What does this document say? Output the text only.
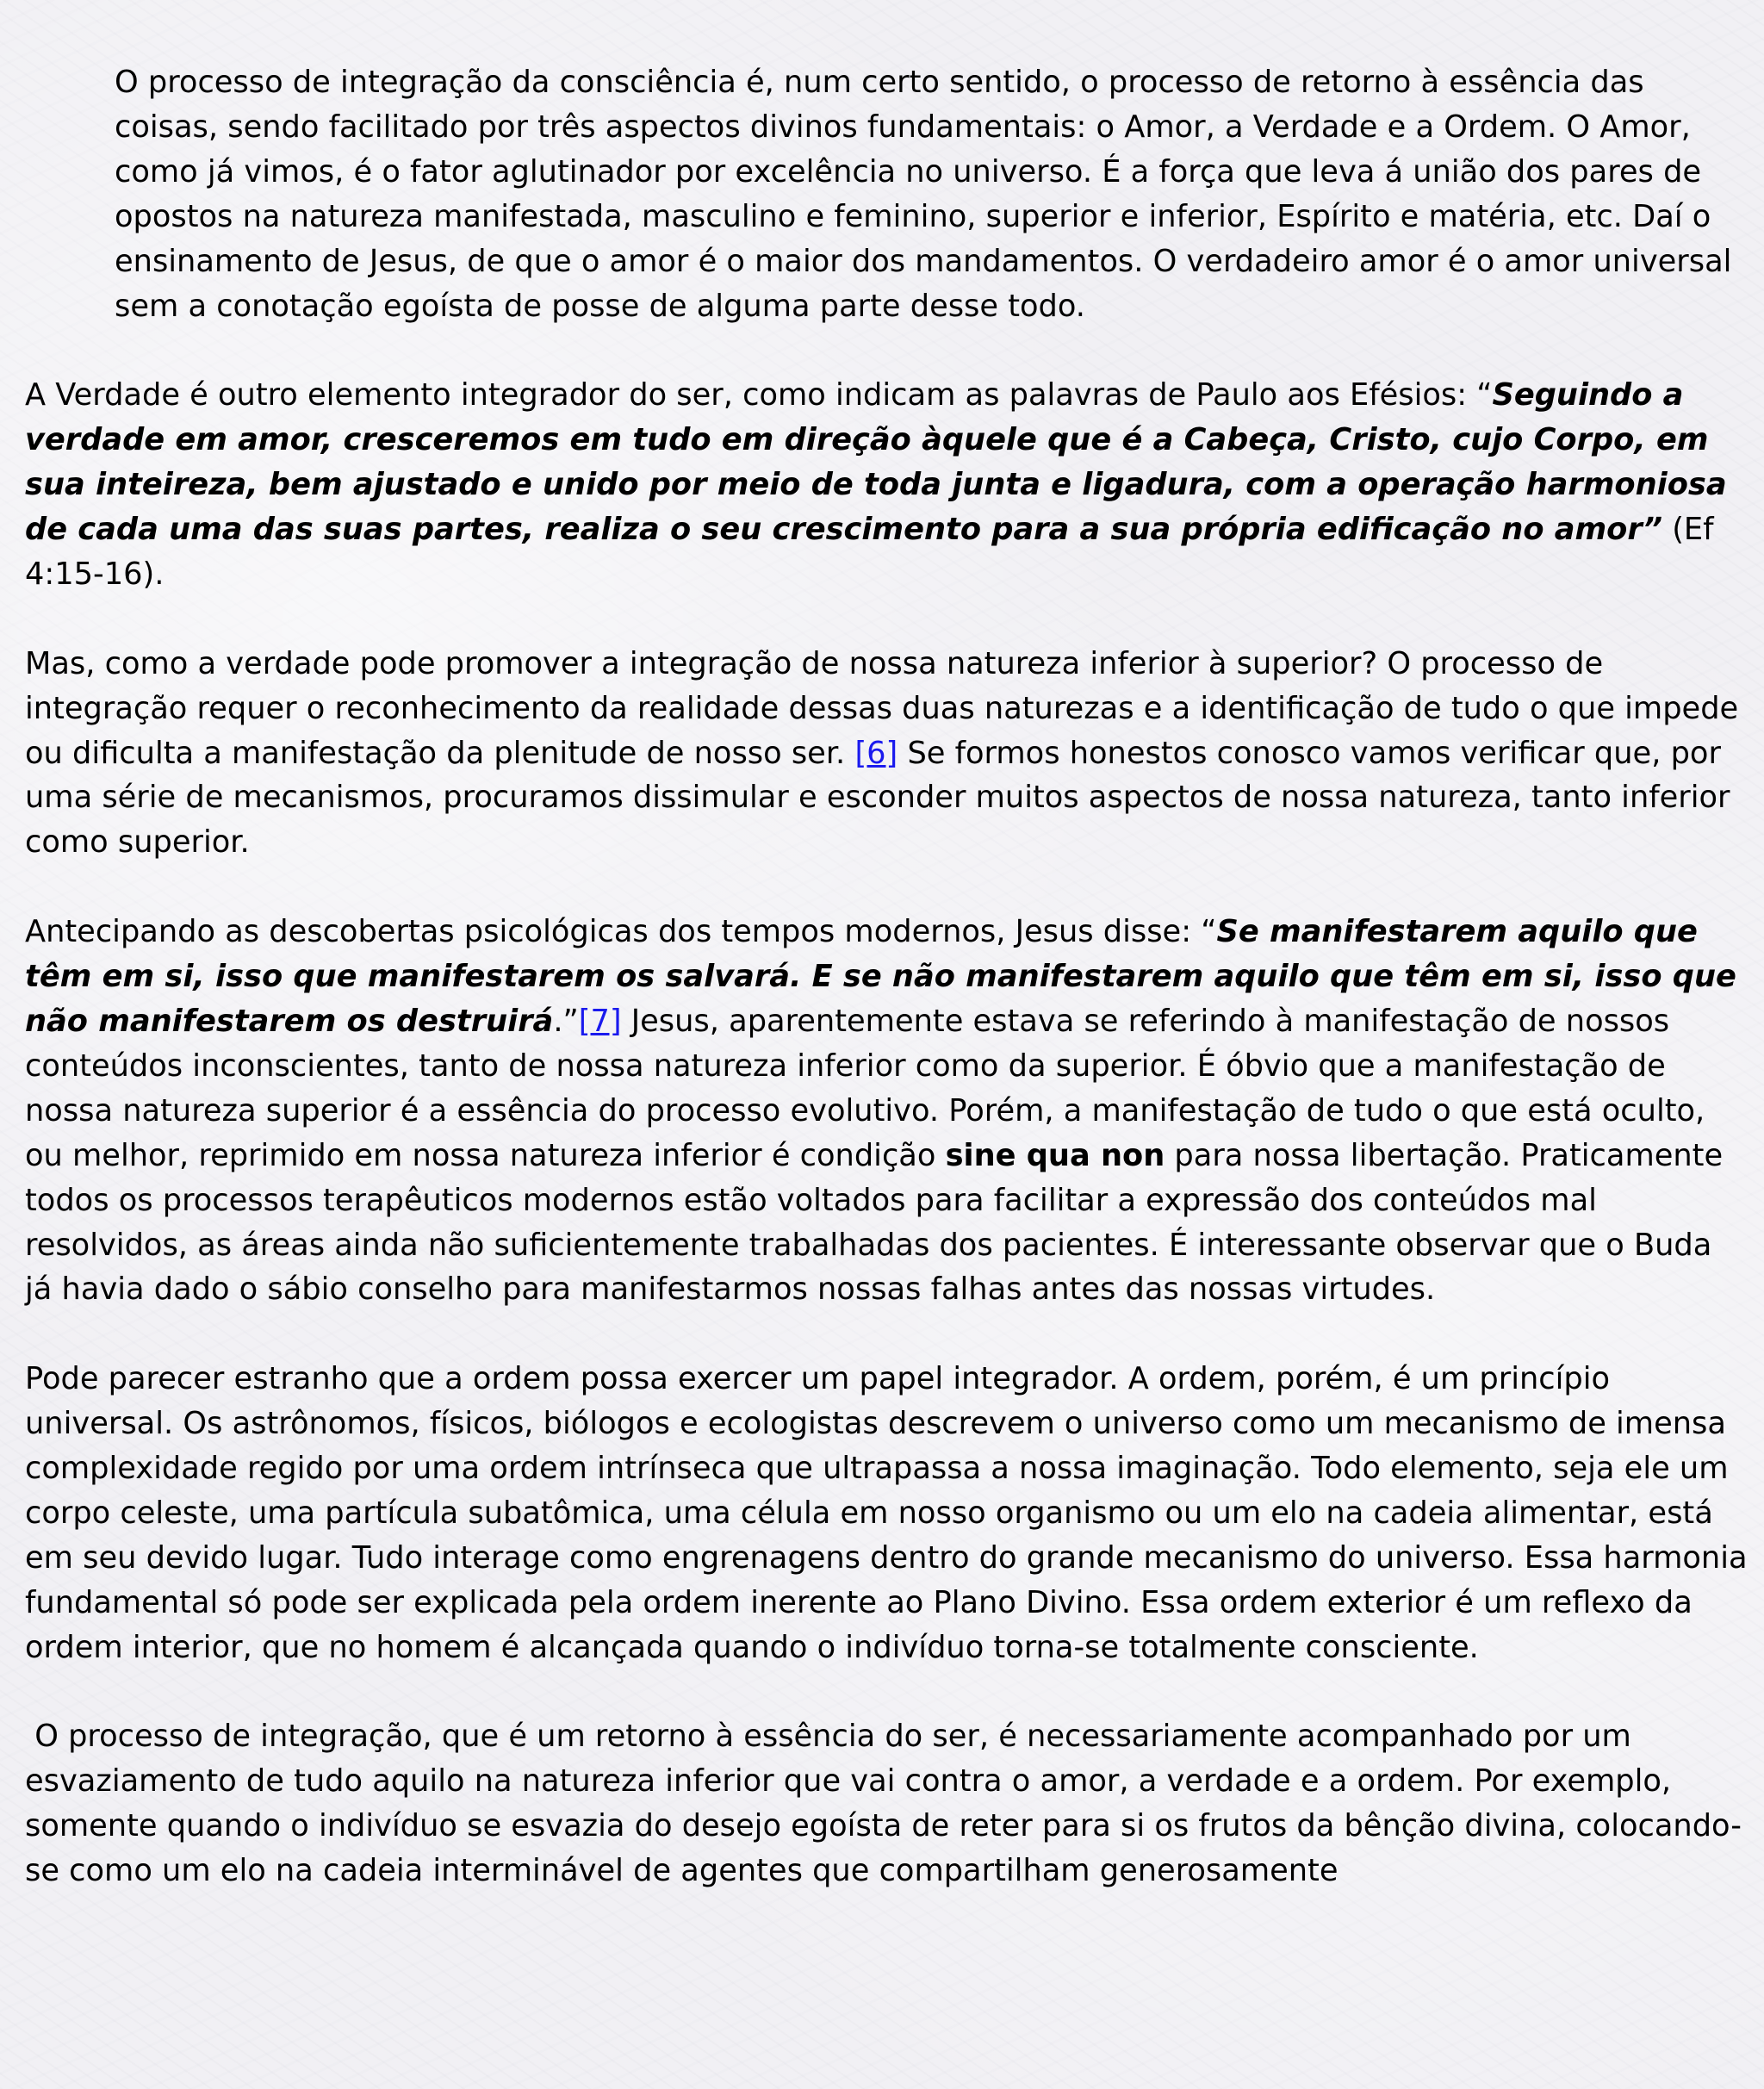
O processo de integração da consciência é, num certo sentido, o processo de retorno à essência das coisas, sendo facilitado por três aspectos divinos fundamentais: o Amor, a Verdade e a Ordem. O Amor, como já vimos, é o fator aglutinador por excelência no universo. É a força que leva á união dos pares de opostos na natureza manifestada, masculino e feminino, superior e inferior, Espírito e matéria, etc. Daí o ensinamento de Jesus, de que o amor é o maior dos mandamentos. O verdadeiro amor é o amor universal sem a conotação egoísta de posse de alguma parte desse todo.

A Verdade é outro elemento integrador do ser, como indicam as palavras de Paulo aos Efésios: “Seguindo a verdade em amor, cresceremos em tudo em direção àquele que é a Cabeça, Cristo, cujo Corpo, em sua inteireza, bem ajustado e unido por meio de toda junta e ligadura, com a operação harmoniosa de cada uma das suas partes, realiza o seu crescimento para a sua própria edificação no amor” (Ef 4:15-16).

Mas, como a verdade pode promover a integração de nossa natureza inferior à superior? O processo de integração requer o reconhecimento da realidade dessas duas naturezas e a identificação de tudo o que impede ou dificulta a manifestação da plenitude de nosso ser. [6] Se formos honestos conosco vamos verificar que, por uma série de mecanismos, procuramos dissimular e esconder muitos aspectos de nossa natureza, tanto inferior como superior.

Antecipando as descobertas psicológicas dos tempos modernos, Jesus disse: “Se manifestarem aquilo que têm em si, isso que manifestarem os salvará. E se não manifestarem aquilo que têm em si, isso que não manifestarem os destruirá.”[7] Jesus, aparentemente estava se referindo à manifestação de nossos conteúdos inconscientes, tanto de nossa natureza inferior como da superior. É óbvio que a manifestação de nossa natureza superior é a essência do processo evolutivo. Porém, a manifestação de tudo o que está oculto, ou melhor, reprimido em nossa natureza inferior é condição sine qua non para nossa libertação. Praticamente todos os processos terapêuticos modernos estão voltados para facilitar a expressão dos conteúdos mal resolvidos, as áreas ainda não suficientemente trabalhadas dos pacientes. É interessante observar que o Buda já havia dado o sábio conselho para manifestarmos nossas falhas antes das nossas virtudes.

Pode parecer estranho que a ordem possa exercer um papel integrador. A ordem, porém, é um princípio universal. Os astrônomos, físicos, biólogos e ecologistas descrevem o universo como um mecanismo de imensa complexidade regido por uma ordem intrínseca que ultrapassa a nossa imaginação. Todo elemento, seja ele um corpo celeste, uma partícula subatômica, uma célula em nosso organismo ou um elo na cadeia alimentar, está em seu devido lugar. Tudo interage como engrenagens dentro do grande mecanismo do universo. Essa harmonia fundamental só pode ser explicada pela ordem inerente ao Plano Divino. Essa ordem exterior é um reflexo da ordem interior, que no homem é alcançada quando o indivíduo torna-se totalmente consciente.

O processo de integração, que é um retorno à essência do ser, é necessariamente acompanhado por um esvaziamento de tudo aquilo na natureza inferior que vai contra o amor, a verdade e a ordem. Por exemplo, somente quando o indivíduo se esvazia do desejo egoísta de reter para si os frutos da bênção divina, colocando-se como um elo na cadeia interminável de agentes que compartilham generosamente
